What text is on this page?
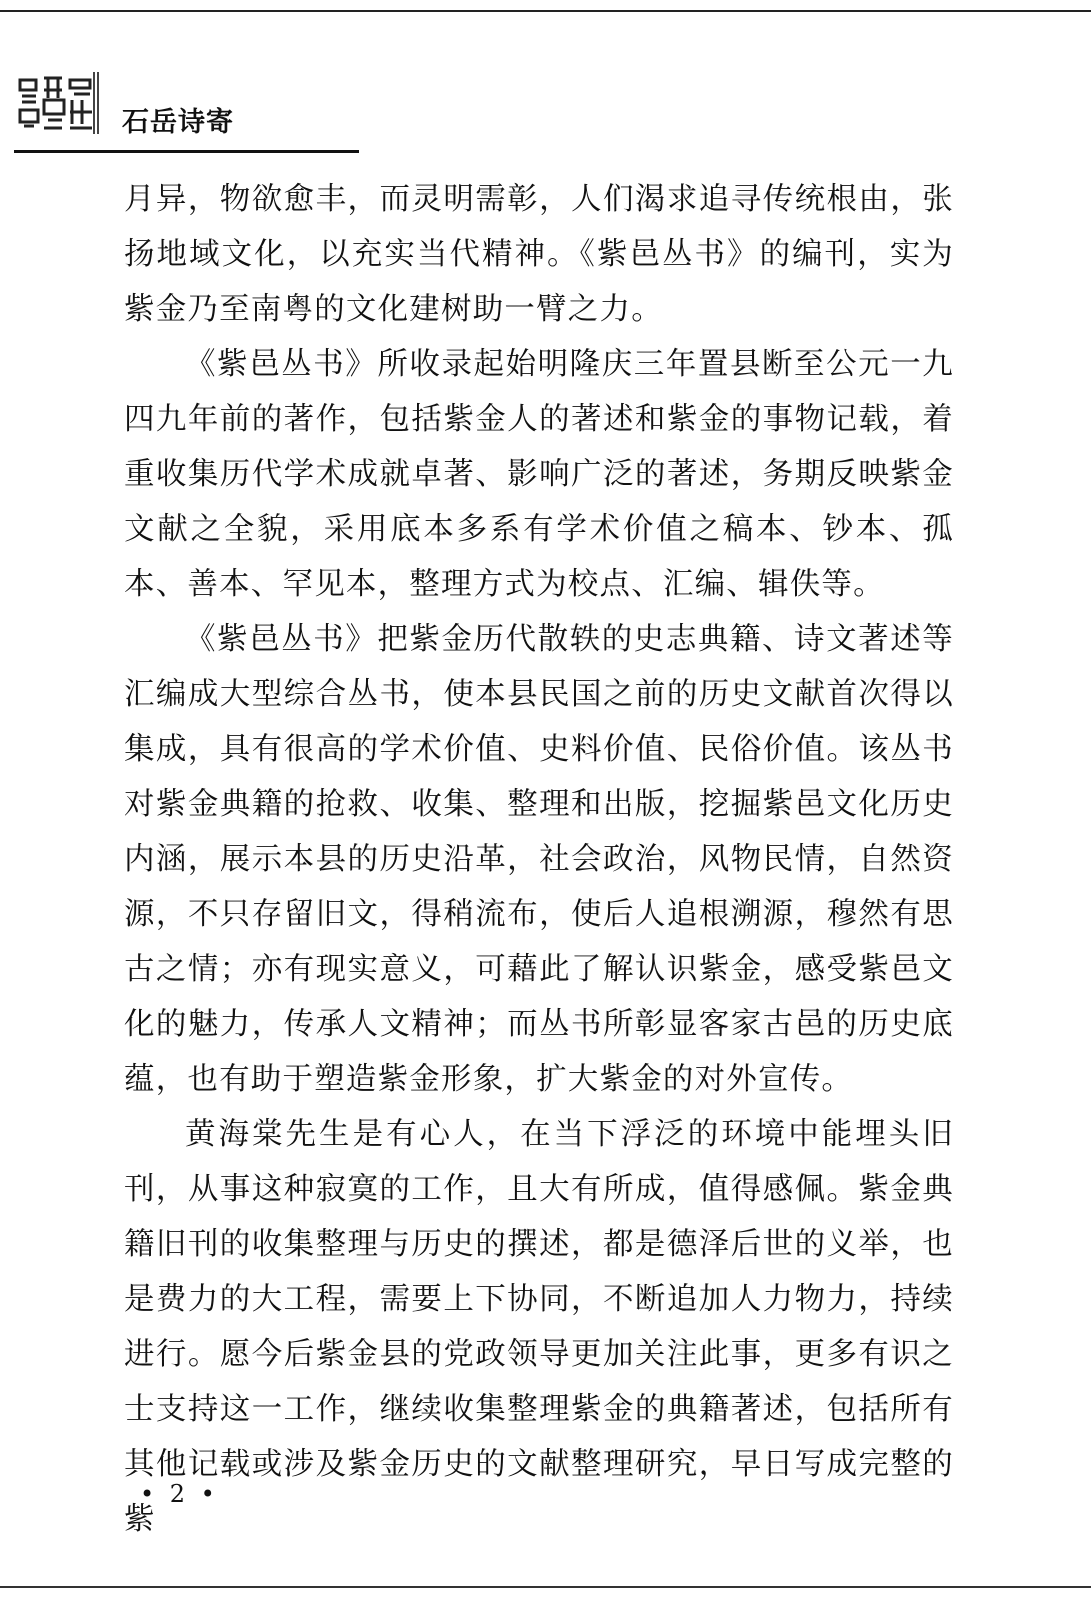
石岳诗寄

月异，物欲愈丰，而灵明需彰，人们渴求追寻传统根由，张扬地域文化，以充实当代精神。《紫邑丛书》的编刊，实为紫金乃至南粤的文化建树助一臂之力。

《紫邑丛书》所收录起始明隆庆三年置县断至公元一九四九年前的著作，包括紫金人的著述和紫金的事物记载，着重收集历代学术成就卓著、影响广泛的著述，务期反映紫金文献之全貌，采用底本多系有学术价值之稿本、钞本、孤本、善本、罕见本，整理方式为校点、汇编、辑佚等。

《紫邑丛书》把紫金历代散轶的史志典籍、诗文著述等汇编成大型综合丛书，使本县民国之前的历史文献首次得以集成，具有很高的学术价值、史料价值、民俗价值。该丛书对紫金典籍的抢救、收集、整理和出版，挖掘紫邑文化历史内涵，展示本县的历史沿革，社会政治，风物民情，自然资源，不只存留旧文，得稍流布，使后人追根溯源，穆然有思古之情；亦有现实意义，可藉此了解认识紫金，感受紫邑文化的魅力，传承人文精神；而丛书所彰显客家古邑的历史底蕴，也有助于塑造紫金形象，扩大紫金的对外宣传。

黄海棠先生是有心人，在当下浮泛的环境中能埋头旧刊，从事这种寂寞的工作，且大有所成，值得感佩。紫金典籍旧刊的收集整理与历史的撰述，都是德泽后世的义举，也是费力的大工程，需要上下协同，不断追加人力物力，持续进行。愿今后紫金县的党政领导更加关注此事，更多有识之士支持这一工作，继续收集整理紫金的典籍著述，包括所有其他记载或涉及紫金历史的文献整理研究，早日写成完整的紫

• 2 •
